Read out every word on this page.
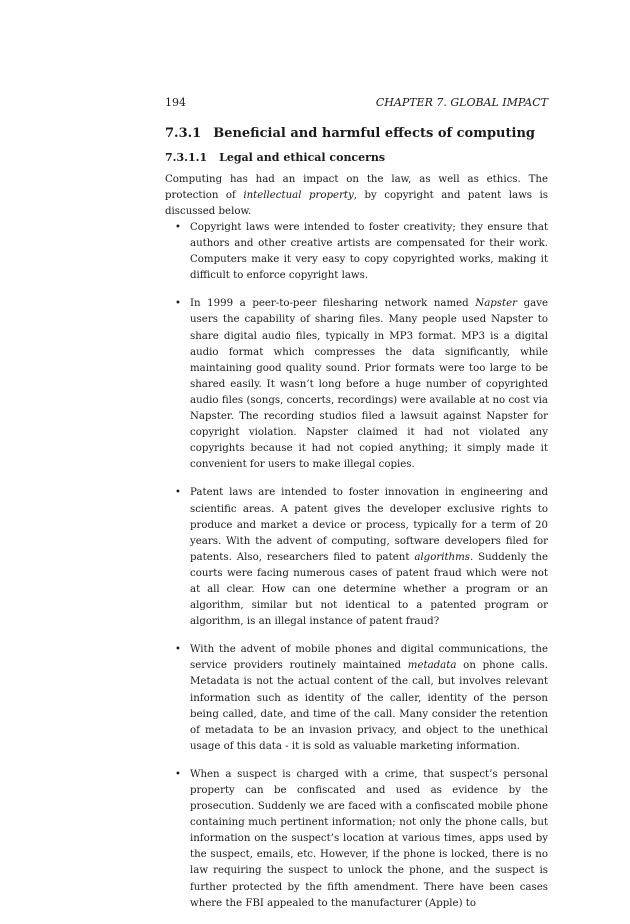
194	CHAPTER 7. GLOBAL IMPACT
7.3.1 Beneficial and harmful effects of computing
7.3.1.1 Legal and ethical concerns

Computing has had an impact on the law, as well as ethics. The protection of intellectual property, by copyright and patent laws is discussed below.

• Copyright laws were intended to foster creativity; they ensure that authors and other creative artists are compensated for their work. Computers make it very easy to copy copyrighted works, making it difficult to enforce copyright laws.

• In 1999 a peer-to-peer filesharing network named Napster gave users the capability of sharing files. Many people used Napster to share digital audio files, typically in MP3 format. MP3 is a digital audio format which compresses the data significantly, while maintaining good quality sound. Prior formats were too large to be shared easily. It wasn’t long before a huge number of copyrighted audio files (songs, concerts, recordings) were available at no cost via Napster. The recording studios filed a lawsuit against Napster for copyright violation. Napster claimed it had not violated any copyrights because it had not copied anything; it simply made it convenient for users to make illegal copies.

• Patent laws are intended to foster innovation in engineering and scientific areas. A patent gives the developer exclusive rights to produce and market a device or process, typically for a term of 20 years. With the advent of computing, software developers filed for patents. Also, researchers filed to patent algorithms. Suddenly the courts were facing numerous cases of patent fraud which were not at all clear. How can one determine whether a program or an algorithm, similar but not identical to a patented program or algorithm, is an illegal instance of patent fraud?

• With the advent of mobile phones and digital communications, the service providers routinely maintained metadata on phone calls. Metadata is not the actual content of the call, but involves relevant information such as identity of the caller, identity of the person being called, date, and time of the call. Many consider the retention of metadata to be an invasion privacy, and object to the unethical usage of this data - it is sold as valuable marketing information.

• When a suspect is charged with a crime, that suspect’s personal property can be confiscated and used as evidence by the prosecution. Suddenly we are faced with a confiscated mobile phone containing much pertinent information; not only the phone calls, but information on the suspect’s location at various times, apps used by the suspect, emails, etc. However, if the phone is locked, there is no law requiring the suspect to unlock the phone, and the suspect is further protected by the fifth amendment. There have been cases where the FBI appealed to the manufacturer (Apple) to
